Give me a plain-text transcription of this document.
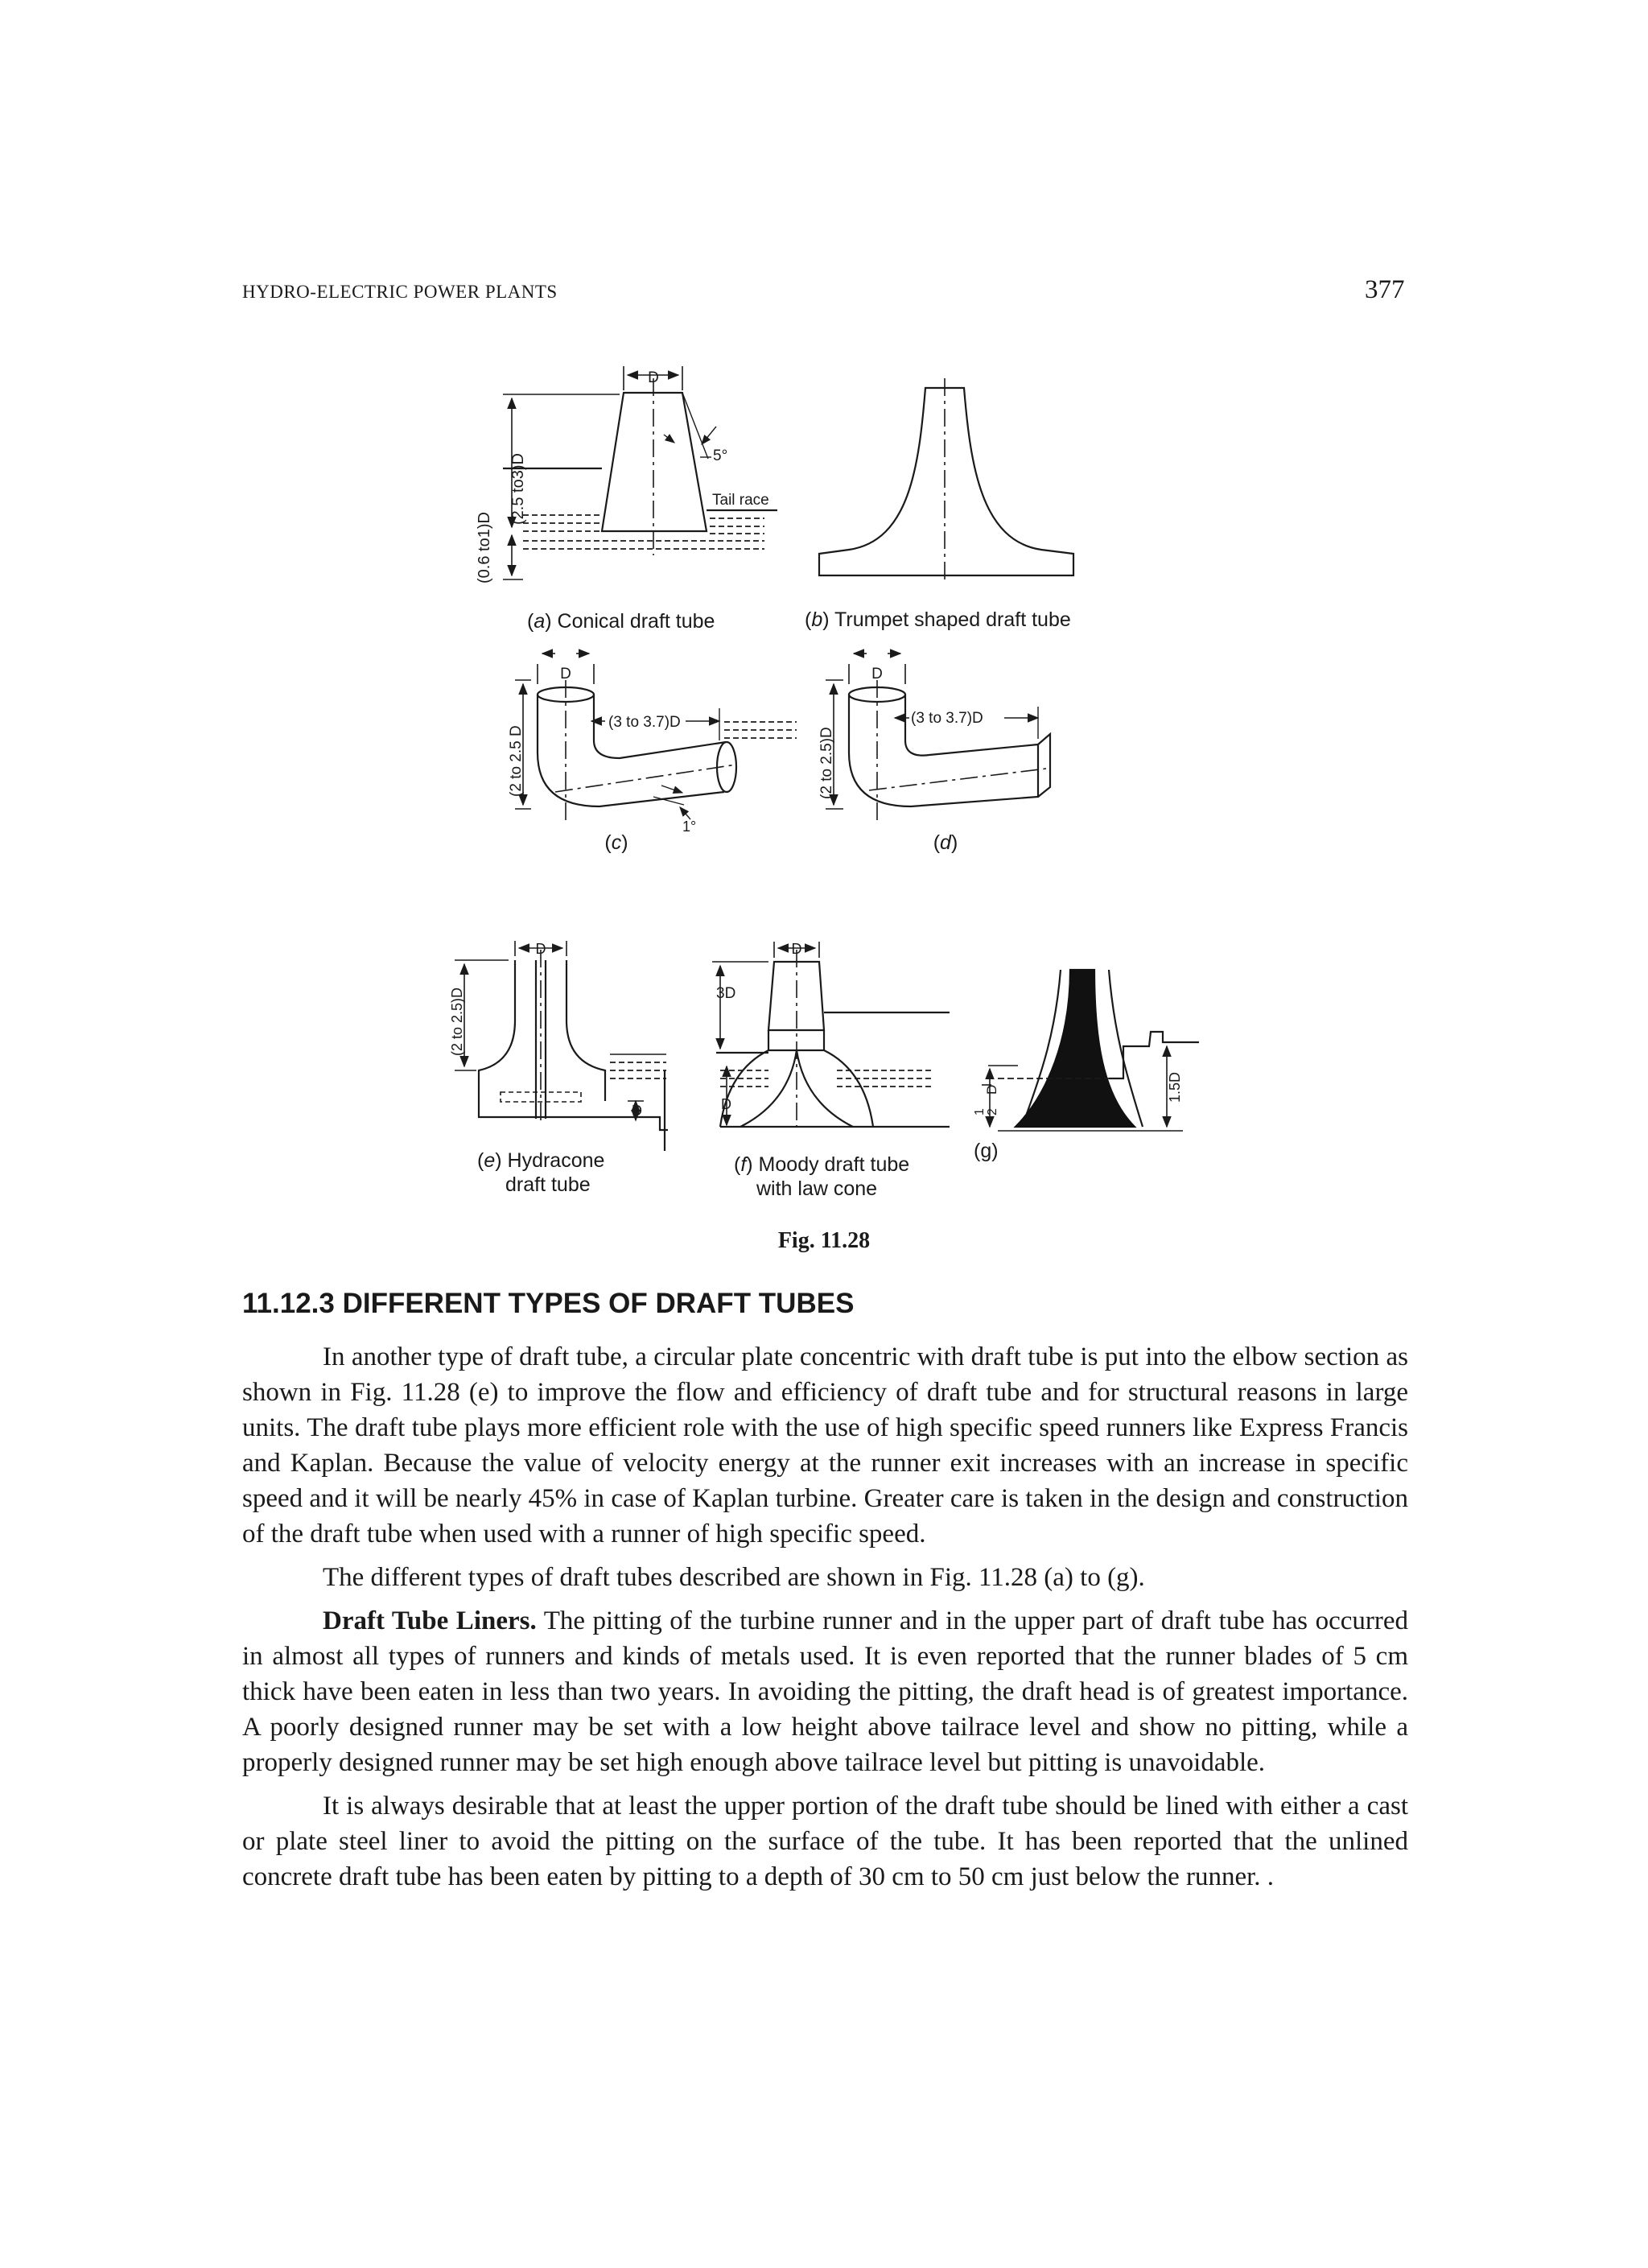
HYDRO-ELECTRIC POWER PLANTS	377
D
5°
Tail race
(2.5 to3)D
(0.6 to1)D
(a) Conical draft tube	(b) Trumpet shaped draft tube
D
(3 to 3.7)D
(2 to 2.5 D
1°
(c)
D
(3 to 3.7)D
(2 to 2.5)D
(d)
D
(2 to 2.5)D
D
(e) Hydracone
draft tube
D
3D
D
(f) Moody draft tube
with law cone
(g)
1 2
D	1.5D
Fig. 11.28
11.12.3 DIFFERENT TYPES OF DRAFT TUBES

In another type of draft tube, a circular plate concentric with draft tube is put into the elbow section as shown in Fig. 11.28 (e) to improve the flow and efficiency of draft tube and for structural reasons in large units. The draft tube plays more efficient role with the use of high specific speed runners like Express Francis and Kaplan. Because the value of velocity energy at the runner exit increases with an increase in specific speed and it will be nearly 45% in case of Kaplan turbine. Greater care is taken in the design and construction of the draft tube when used with a runner of high specific speed.

The different types of draft tubes described are shown in Fig. 11.28 (a) to (g).

Draft Tube Liners. The pitting of the turbine runner and in the upper part of draft tube has occurred in almost all types of runners and kinds of metals used. It is even reported that the runner blades of 5 cm thick have been eaten in less than two years. In avoiding the pitting, the draft head is of greatest importance. A poorly designed runner may be set with a low height above tailrace level and show no pitting, while a properly designed runner may be set high enough above tailrace level but pitting is unavoidable.

It is always desirable that at least the upper portion of the draft tube should be lined with either a cast or plate steel liner to avoid the pitting on the surface of the tube. It has been reported that the unlined concrete draft tube has been eaten by pitting to a depth of 30 cm to 50 cm just below the runner. .
